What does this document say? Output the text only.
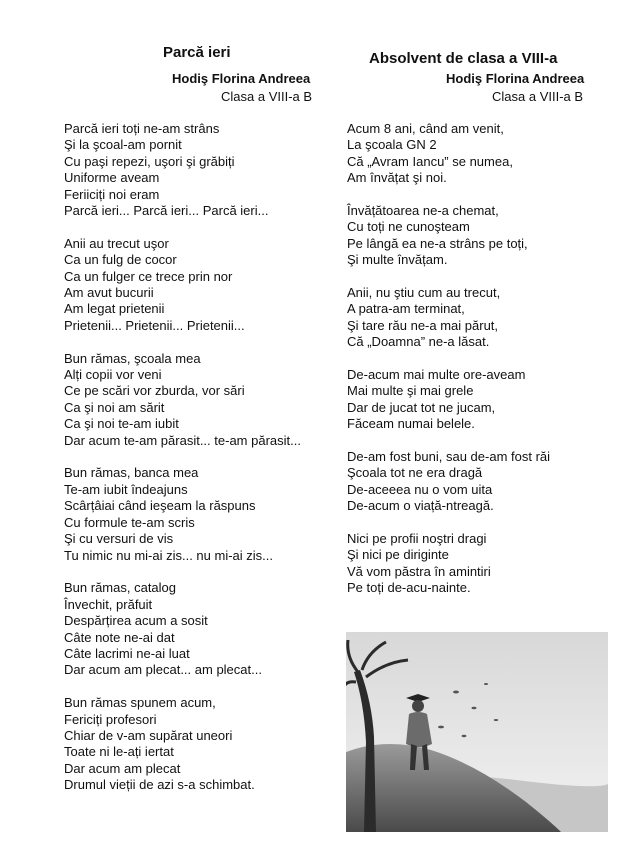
Parcă ieri
Hodiş Florina Andreea
Clasa a VIII-a B
Parcă ieri toți ne-am strâns
Şi la şcoal-am pornit
Cu paşi repezi, uşori şi grăbiți
Uniforme aveam
Feriiciți noi eram
Parcă ieri... Parcă ieri... Parcă ieri...
Anii au trecut uşor
Ca un fulg de cocor
Ca un fulger ce trece prin nor
Am avut bucurii
Am legat prietenii
Prietenii... Prietenii... Prietenii...
Bun rămas, şcoala mea
Alți copii vor veni
Ce pe scări vor zburda, vor sări
Ca şi noi am sărit
Ca şi noi te-am iubit
Dar acum te-am părasit... te-am părasit...
Bun rămas, banca mea
Te-am iubit îndeajuns
Scârțâiai când ieşeam la răspuns
Cu formule te-am scris
Şi cu versuri de vis
Tu nimic nu mi-ai zis... nu mi-ai zis...
Bun rămas, catalog
Învechit, prăfuit
Despărțirea acum a sosit
Câte note ne-ai dat
Câte lacrimi ne-ai luat
Dar acum am plecat... am plecat...
Bun rămas spunem acum,
Fericiți profesori
Chiar de v-am supărat uneori
Toate ni le-ați iertat
Dar acum am plecat
Drumul vieții de azi s-a schimbat.
Absolvent de clasa a VIII-a
Hodiş Florina Andreea
Clasa a VIII-a B
Acum 8 ani, când am venit,
La şcoala GN 2
Că „Avram Iancu” se numea,
Am învățat şi noi.
Învățătoarea ne-a chemat,
Cu toți ne cunoşteam
Pe lângă ea ne-a strâns pe toți,
Şi multe învățam.
Anii, nu ştiu cum au trecut,
A patra-am terminat,
Şi tare rău ne-a mai părut,
Că „Doamna” ne-a lăsat.
De-acum mai multe ore-aveam
Mai multe şi mai grele
Dar de jucat tot ne jucam,
Făceam numai belele.
De-am fost buni, sau de-am fost răi
Şcoala tot ne era dragă
De-aceeea nu o vom uita
De-acum o viață-ntreagă.
Nici pe profii noştri dragi
Şi nici pe diriginte
Vă vom păstra în amintiri
Pe toți de-acu-nainte.
